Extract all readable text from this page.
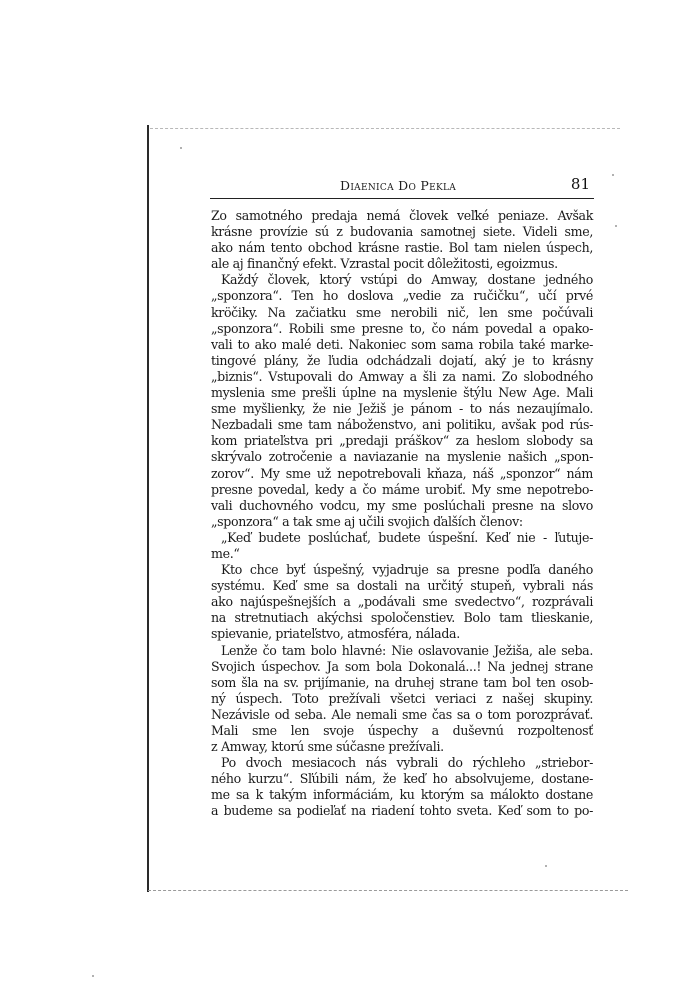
Diaenica Do Pekla	81
Zo samotného predaja nemá človek veľké peniaze. Avšak
krásne provízie sú z budovania samotnej siete. Videli sme,
ako nám tento obchod krásne rastie. Bol tam nielen úspech,
ale aj finančný efekt. Vzrastal pocit dôležitosti, egoizmus.
Každý človek, ktorý vstúpi do Amway, dostane jedného
„sponzora“. Ten ho doslova „vedie za ručičku“, učí prvé
kröčiky. Na začiatku sme nerobili nič, len sme počúvali
„sponzora“. Robili sme presne to, čo nám povedal a opako-
vali to ako malé deti. Nakoniec som sama robila také marke-
tingové plány, že ľudia odchádzali dojatí, aký je to krásny
„biznis“. Vstupovali do Amway a šli za nami. Zo slobodného
myslenia sme prešli úplne na myslenie štýlu New Age. Mali
sme myšlienky, že nie Ježiš je pánom - to nás nezaujímalo.
Nezbadali sme tam náboženstvo, ani politiku, avšak pod rús-
kom priateľstva pri „predaji práškov“ za heslom slobody sa
skrývalo zotročenie a naviazanie na myslenie našich „spon-
zorov“. My sme už nepotrebovali kňaza, náš „sponzor“ nám
presne povedal, kedy a čo máme urobiť. My sme nepotrebo-
vali duchovného vodcu, my sme poslúchali presne na slovo
„sponzora“ a tak sme aj učili svojich ďalších členov:
„Keď budete poslúchať, budete úspešní. Keď nie - ľutuje-
me.“
Kto chce byť úspešný, vyjadruje sa presne podľa daného
systému. Keď sme sa dostali na určitý stupeň, vybrali nás
ako najúspešnejších a „podávali sme svedectvo“, rozprávali
na stretnutiach akýchsi spoločenstiev. Bolo tam tlieskanie,
spievanie, priateľstvo, atmosféra, nálada.
Lenže čo tam bolo hlavné: Nie oslavovanie Ježiša, ale seba.
Svojich úspechov. Ja som bola Dokonalá...! Na jednej strane
som šla na sv. prijímanie, na druhej strane tam bol ten osob-
ný úspech. Toto prežívali všetci veriaci z našej skupiny.
Nezávisle od seba. Ale nemali sme čas sa o tom porozprávať.
Mali sme len svoje úspechy a duševnú rozpoltenosť
z Amway, ktorú sme súčasne prežívali.
Po dvoch mesiacoch nás vybrali do rýchleho „striebor-
ného kurzu“. Sľúbili nám, že keď ho absolvujeme, dostane-
me sa k takým informáciám, ku ktorým sa málokto dostane
a budeme sa podieľať na riadení tohto sveta. Keď som to po-
